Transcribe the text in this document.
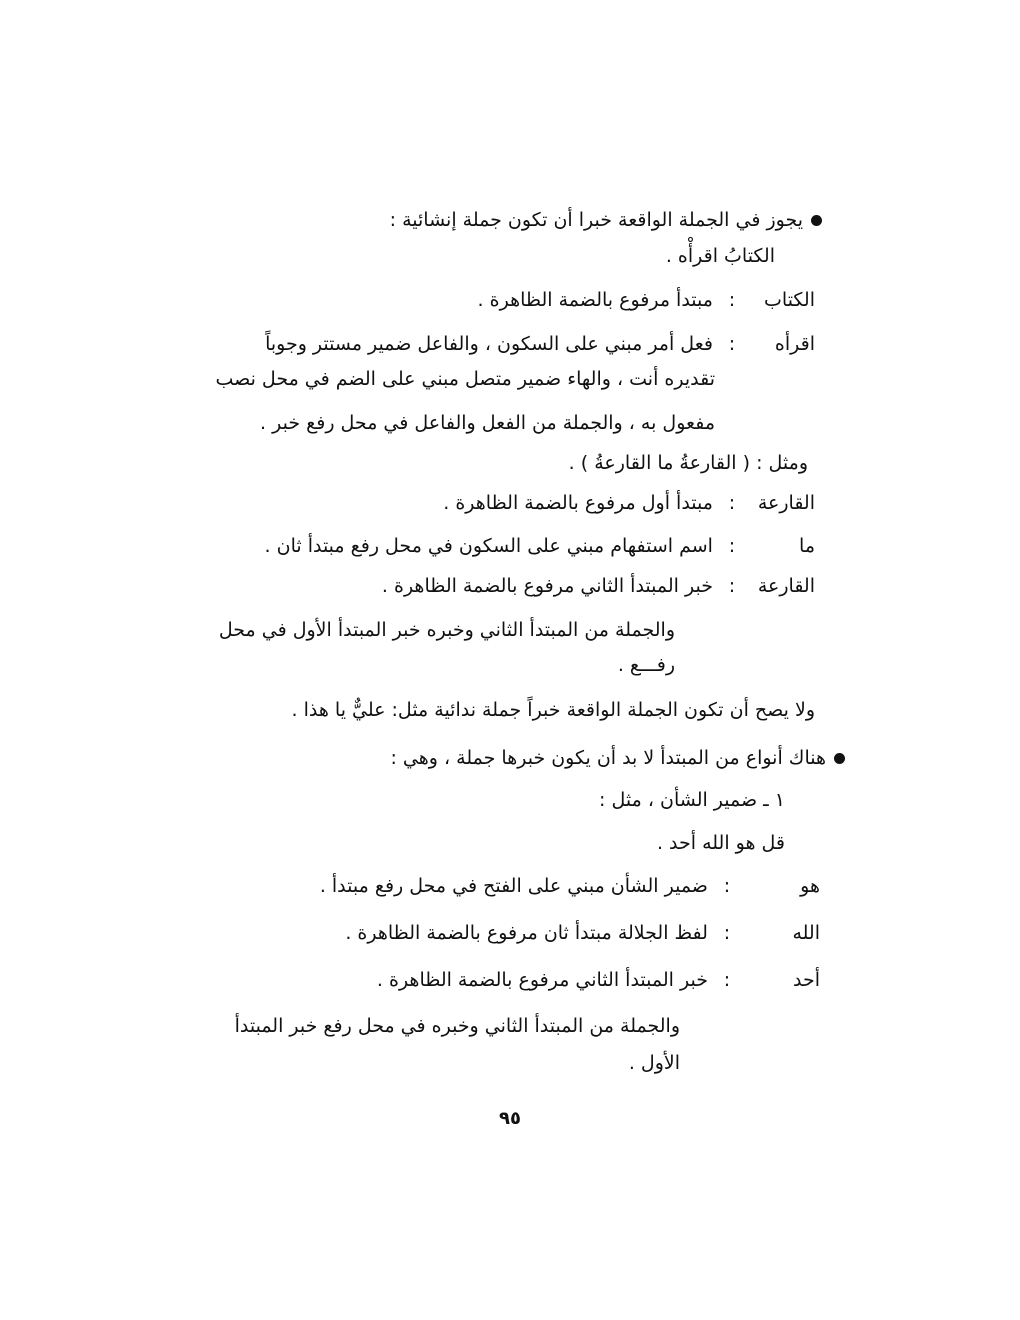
يجوز في الجملة الواقعة خبرا أن تكون جملة إنشائية :
الكتابُ اقرأْه .
الكتاب: مبتدأ مرفوع بالضمة الظاهرة .
اقرأه: فعل أمر مبني على السكون ، والفاعل ضمير مستتر وجوباً
تقديره أنت ، والهاء ضمير متصل مبني على الضم في محل نصب
مفعول به ، والجملة من الفعل والفاعل في محل رفع خبر .
ومثل : ( القارعةُ ما القارعةُ ) .
القارعة: مبتدأ أول مرفوع بالضمة الظاهرة .
ما: اسم استفهام مبني على السكون في محل رفع مبتدأ ثان .
القارعة: خبر المبتدأ الثاني مرفوع بالضمة الظاهرة .
والجملة من المبتدأ الثاني وخبره خبر المبتدأ الأول في محل
رفـــع .
ولا يصح أن تكون الجملة الواقعة خبراً جملة ندائية مثل: عليٌّ يا هذا .
هناك أنواع من المبتدأ لا بد أن يكون خبرها جملة ، وهي :
١ ـ ضمير الشأن ، مثل :
قل هو الله أحد .
هو: ضمير الشأن مبني على الفتح في محل رفع مبتدأ .
الله: لفظ الجلالة مبتدأ ثان مرفوع بالضمة الظاهرة .
أحد: خبر المبتدأ الثاني مرفوع بالضمة الظاهرة .
والجملة من المبتدأ الثاني وخبره في محل رفع خبر المبتدأ
الأول .
٩٥
